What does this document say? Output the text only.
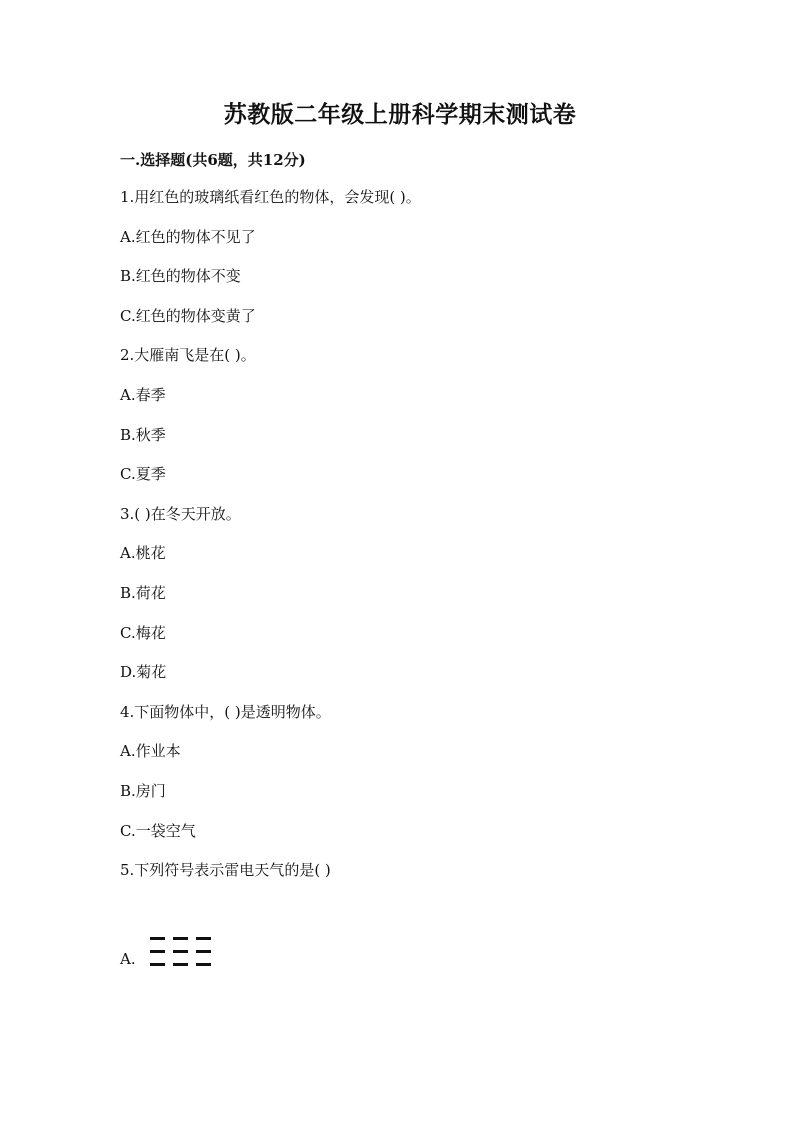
苏教版二年级上册科学期末测试卷
一.选择题(共6题，共12分)
1.用红色的玻璃纸看红色的物体，会发现( )。
A.红色的物体不见了
B.红色的物体不变
C.红色的物体变黄了
2.大雁南飞是在( )。
A.春季
B.秋季
C.夏季
3.( )在冬天开放。
A.桃花
B.荷花
C.梅花
D.菊花
4.下面物体中，( )是透明物体。
A.作业本
B.房门
C.一袋空气
5.下列符号表示雷电天气的是( )
A.
